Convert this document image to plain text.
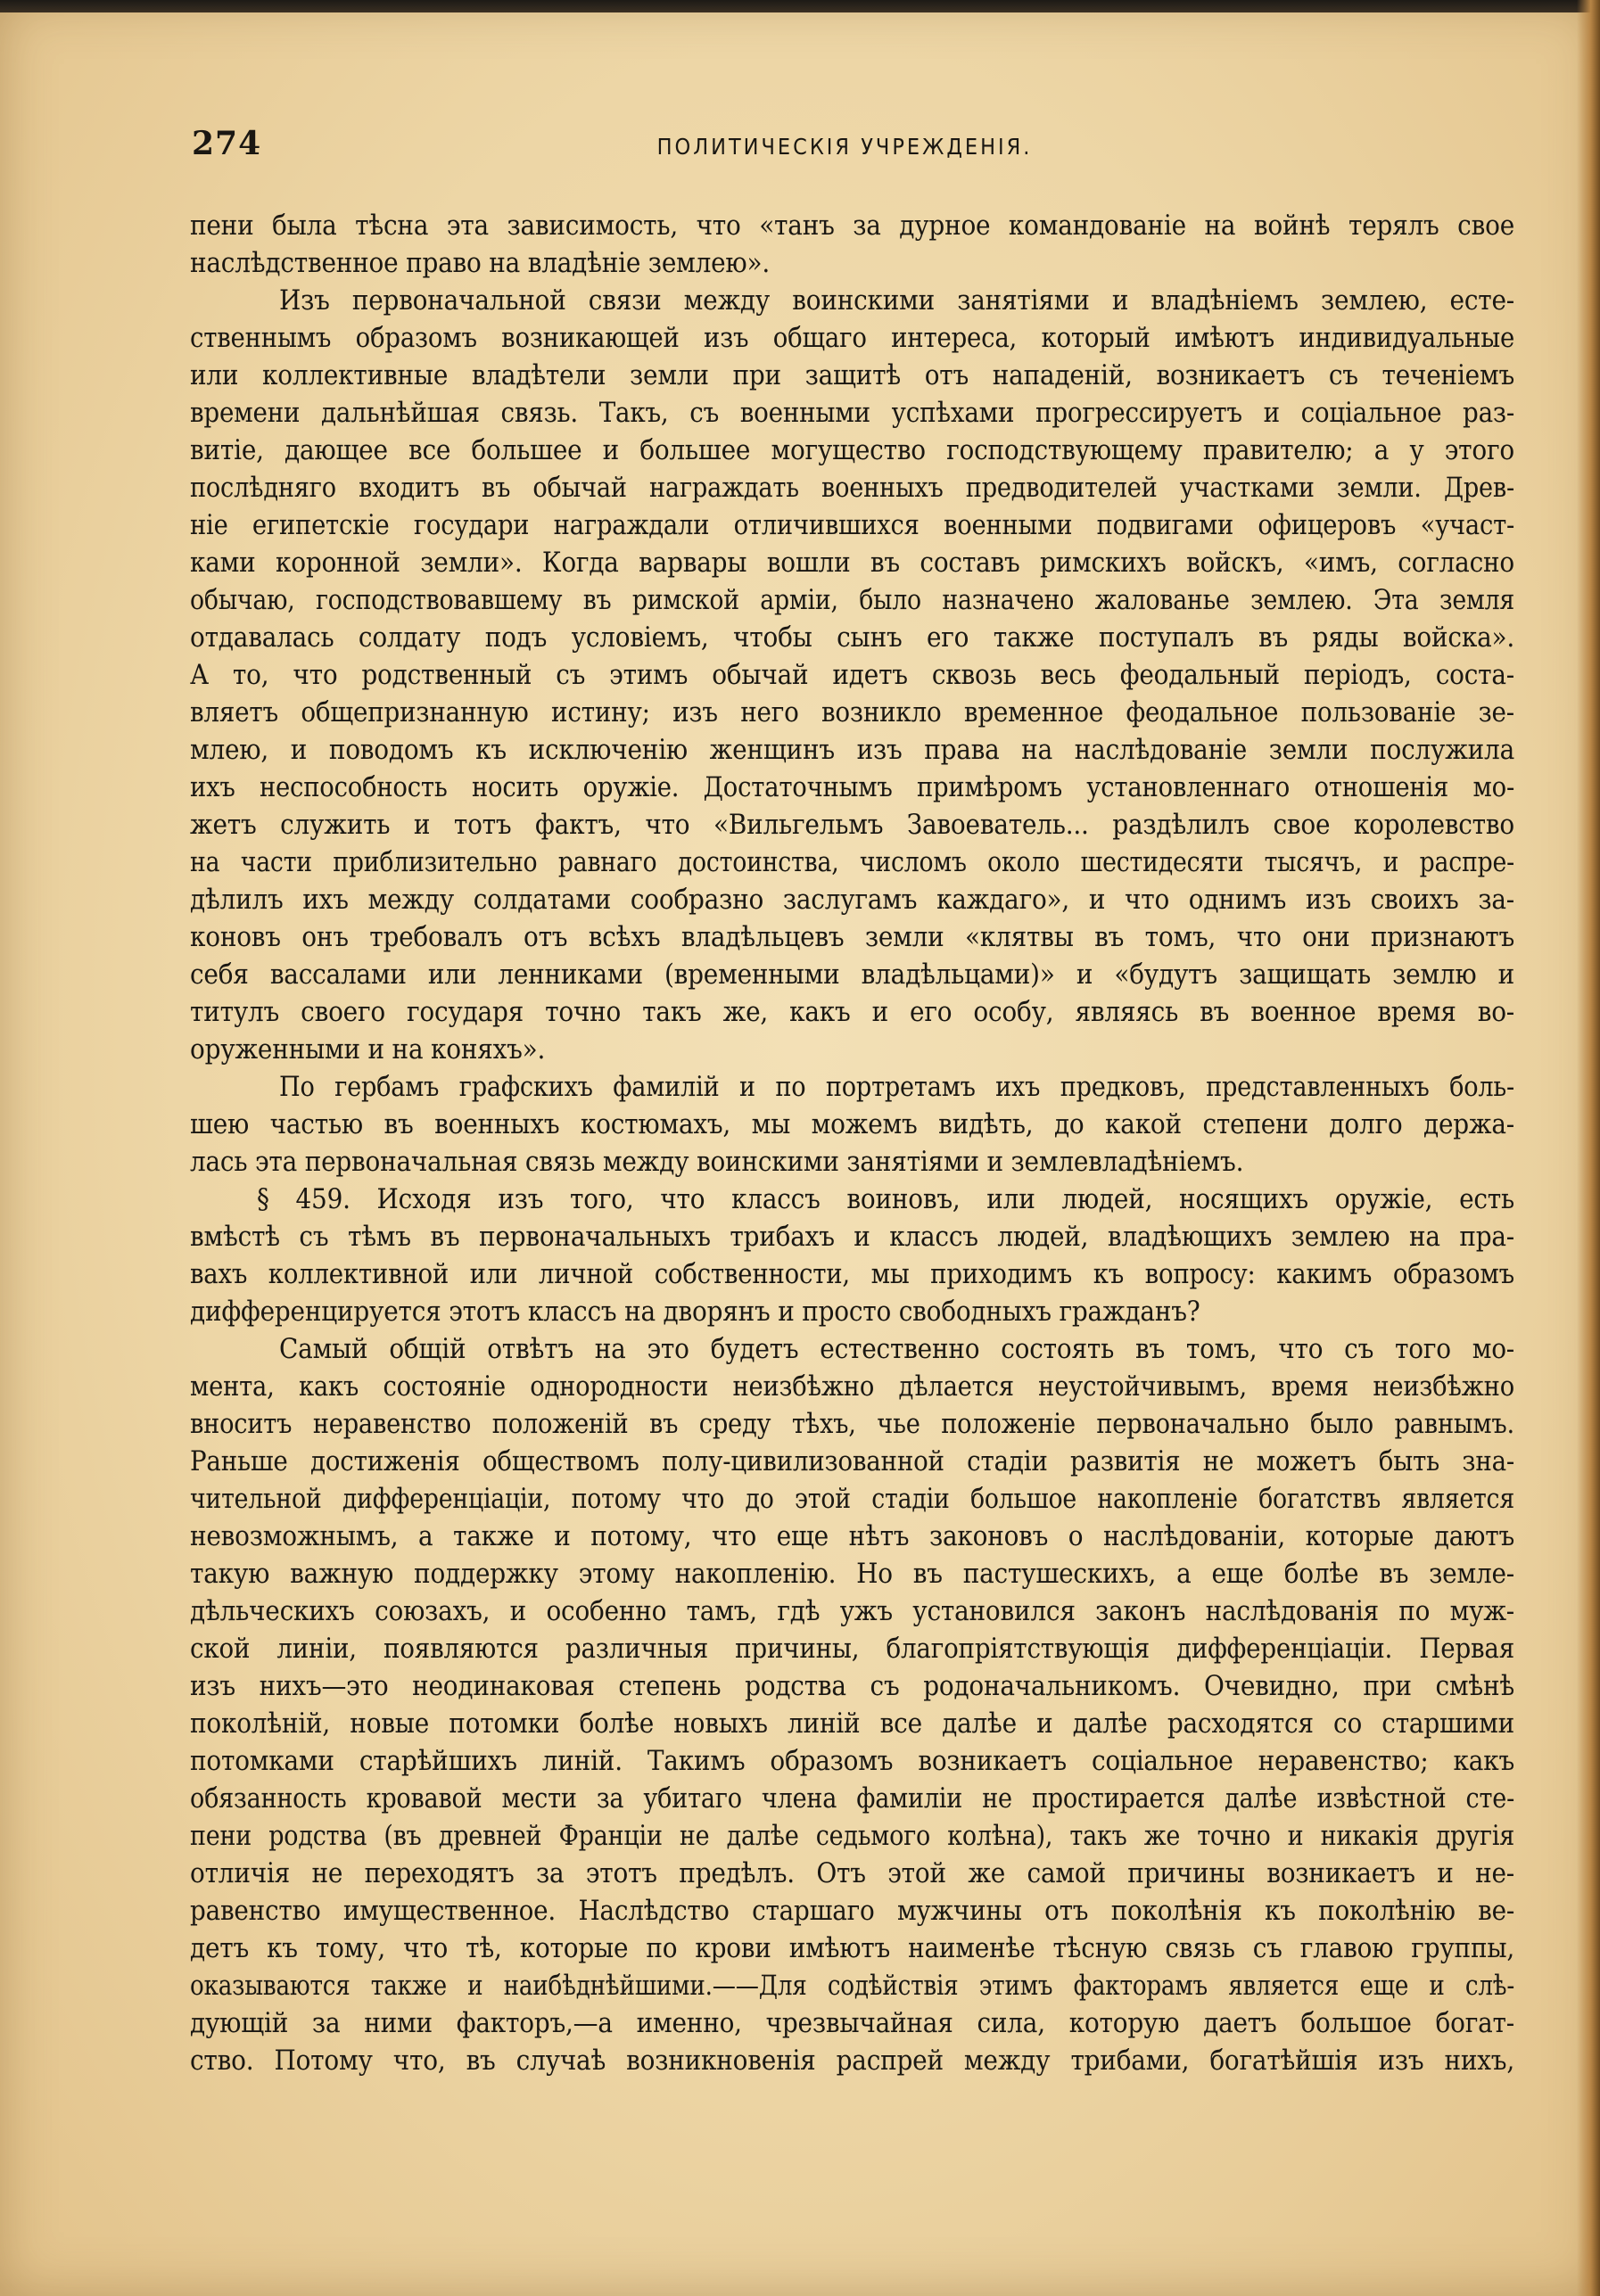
274	ПОЛИТИЧЕСКІЯ УЧРЕЖДЕНІЯ.
пени была тѣсна эта зависимость, что «танъ за дурное командованіе на войнѣ терялъ свое
наслѣдственное право на владѣніе землею».
Изъ первоначальной связи между воинскими занятіями и владѣніемъ землею, есте-
ственнымъ образомъ возникающей изъ общаго интереса, который имѣютъ индивидуальные
или коллективные владѣтели земли при защитѣ отъ нападеній, возникаетъ съ теченіемъ
времени дальнѣйшая связь. Такъ, съ военными успѣхами прогрессируетъ и соціальное раз-
витіе, дающее все большее и большее могущество господствующему правителю; а у этого
послѣдняго входитъ въ обычай награждать военныхъ предводителей участками земли. Древ-
ніе египетскіе государи награждали отличившихся военными подвигами офицеровъ «участ-
ками коронной земли». Когда варвары вошли въ составъ римскихъ войскъ, «имъ, согласно
обычаю, господствовавшему въ римской арміи, было назначено жалованье землею. Эта земля
отдавалась солдату подъ условіемъ, чтобы сынъ его также поступалъ въ ряды войска».
А то, что родственный съ этимъ обычай идетъ сквозь весь феодальный періодъ, соста-
вляетъ общепризнанную истину; изъ него возникло временное феодальное пользованіе зе-
млею, и поводомъ къ исключенію женщинъ изъ права на наслѣдованіе земли послужила
ихъ неспособность носить оружіе. Достаточнымъ примѣромъ установленнаго отношенія мо-
жетъ служить и тотъ фактъ, что «Вильгельмъ Завоеватель... раздѣлилъ свое королевство
на части приблизительно равнаго достоинства, числомъ около шестидесяти тысячъ, и распре-
дѣлилъ ихъ между солдатами сообразно заслугамъ каждаго», и что однимъ изъ своихъ за-
коновъ онъ требовалъ отъ всѣхъ владѣльцевъ земли «клятвы въ томъ, что они признаютъ
себя вассалами или ленниками (временными владѣльцами)» и «будутъ защищать землю и
титулъ своего государя точно такъ же, какъ и его особу, являясь въ военное время во-
оруженными и на коняхъ».
По гербамъ графскихъ фамилій и по портретамъ ихъ предковъ, представленныхъ боль-
шею частью въ военныхъ костюмахъ, мы можемъ видѣть, до какой степени долго держа-
лась эта первоначальная связь между воинскими занятіями и землевладѣніемъ.
§ 459. Исходя изъ того, что классъ воиновъ, или людей, носящихъ оружіе, есть
вмѣстѣ съ тѣмъ въ первоначальныхъ трибахъ и классъ людей, владѣющихъ землею на пра-
вахъ коллективной или личной собственности, мы приходимъ къ вопросу: какимъ образомъ
дифференцируется этотъ классъ на дворянъ и просто свободныхъ гражданъ?
Самый общій отвѣтъ на это будетъ естественно состоять въ томъ, что съ того мо-
мента, какъ состояніе однородности неизбѣжно дѣлается неустойчивымъ, время неизбѣжно
вноситъ неравенство положеній въ среду тѣхъ, чье положеніе первоначально было равнымъ.
Раньше достиженія обществомъ полу-цивилизованной стадіи развитія не можетъ быть зна-
чительной дифференціаціи, потому что до этой стадіи большое накопленіе богатствъ является
невозможнымъ, а также и потому, что еще нѣтъ законовъ о наслѣдованіи, которые даютъ
такую важную поддержку этому накопленію. Но въ пастушескихъ, а еще болѣе въ земле-
дѣльческихъ союзахъ, и особенно тамъ, гдѣ ужъ установился законъ наслѣдованія по муж-
ской линіи, появляются различныя причины, благопріятствующія дифференціаціи. Первая
изъ нихъ—это неодинаковая степень родства съ родоначальникомъ. Очевидно, при смѣнѣ
поколѣній, новые потомки болѣе новыхъ линій все далѣе и далѣе расходятся со старшими
потомками старѣйшихъ линій. Такимъ образомъ возникаетъ соціальное неравенство; какъ
обязанность кровавой мести за убитаго члена фамиліи не простирается далѣе извѣстной сте-
пени родства (въ древней Франціи не далѣе седьмого колѣна), такъ же точно и никакія другія
отличія не переходятъ за этотъ предѣлъ. Отъ этой же самой причины возникаетъ и не-
равенство имущественное. Наслѣдство старшаго мужчины отъ поколѣнія къ поколѣнію ве-
детъ къ тому, что тѣ, которые по крови имѣютъ наименѣе тѣсную связь съ главою группы,
оказываются также и наибѣднѣйшими.——Для содѣйствія этимъ факторамъ является еще и слѣ-
дующій за ними факторъ,—а именно, чрезвычайная сила, которую даетъ большое богат-
ство. Потому что, въ случаѣ возникновенія распрей между трибами, богатѣйшія изъ нихъ,
